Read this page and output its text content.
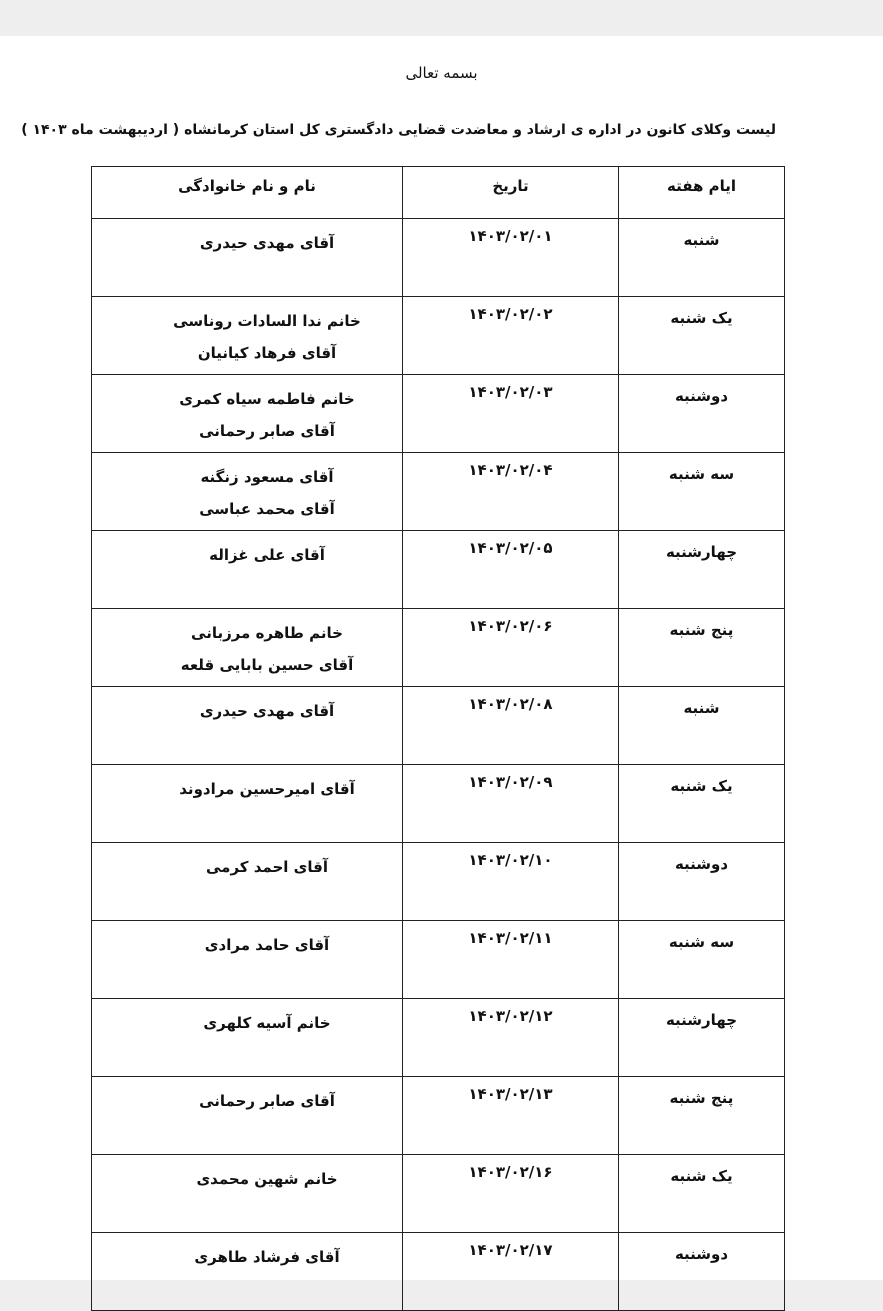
بسمه تعالی
لیست وکلای کانون در اداره ی ارشاد و معاضدت قضایی دادگستری کل استان کرمانشاه ( اردیبهشت ماه ۱۴۰۳ )
ایام هفته	تاریخ	نام و نام خانوادگی

شنبه	۱۴۰۳/۰۲/۰۱	آقای مهدی حیدری

یک شنبه	۱۴۰۳/۰۲/۰۲	خانم ندا السادات روناسی
آقای فرهاد کیانیان

دوشنبه	۱۴۰۳/۰۲/۰۳	خانم فاطمه سیاه کمری
آقای صابر رحمانی

سه شنبه	۱۴۰۳/۰۲/۰۴	آقای مسعود زنگنه
آقای محمد عباسی

چهارشنبه	۱۴۰۳/۰۲/۰۵	آقای علی غزاله

پنج شنبه	۱۴۰۳/۰۲/۰۶	خانم طاهره مرزبانی
آقای حسین بابایی قلعه

شنبه	۱۴۰۳/۰۲/۰۸	آقای مهدی حیدری

یک شنبه	۱۴۰۳/۰۲/۰۹	آقای امیرحسین مرادوند

دوشنبه	۱۴۰۳/۰۲/۱۰	آقای احمد کرمی

سه شنبه	۱۴۰۳/۰۲/۱۱	آقای حامد مرادی

چهارشنبه	۱۴۰۳/۰۲/۱۲	خانم آسیه کلهری

پنج شنبه	۱۴۰۳/۰۲/۱۳	آقای صابر رحمانی

یک شنبه	۱۴۰۳/۰۲/۱۶	خانم شهین محمدی

دوشنبه	۱۴۰۳/۰۲/۱۷	آقای فرشاد طاهری
